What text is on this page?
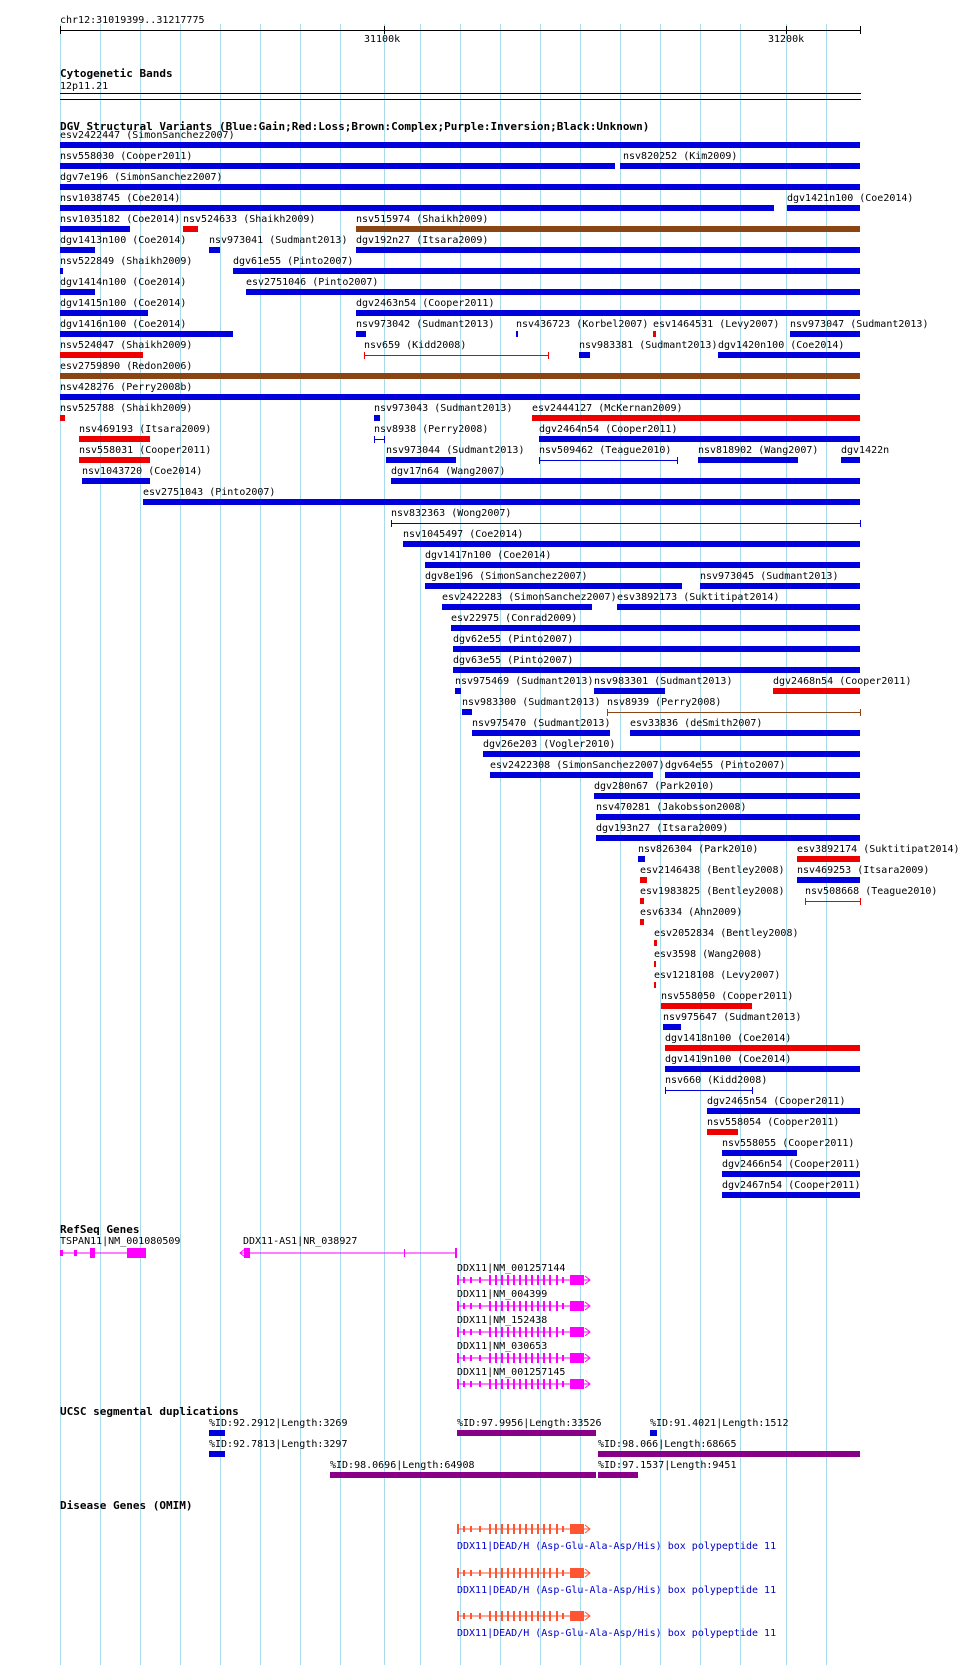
chr12:31019399..31217775
31100k	31200k
Cytogenetic Bands
12p11.21
DGV Structural Variants (Blue:Gain;Red:Loss;Brown:Complex;Purple:Inversion;Black:Unknown)
esv2422447 (SimonSanchez2007)
nsv558030 (Cooper2011)	nsv820252 (Kim2009)
dgv7e196 (SimonSanchez2007)
nsv1038745 (Coe2014)	dgv1421n100 (Coe2014)
nsv1035182 (Coe2014) nsv524633 (Shaikh2009)	nsv515974 (Shaikh2009)
dgv1413n100 (Coe2014) nsv973041 (Sudmant2013) dgv192n27 (Itsara2009)
nsv522849 (Shaikh2009)	dgv61e55 (Pinto2007)
dgv1414n100 (Coe2014)	esv2751046 (Pinto2007)
dgv1415n100 (Coe2014)	dgv2463n54 (Cooper2011)
dgv1416n100 (Coe2014)	nsv973042 (Sudmant2013) nsv436723 (Korbel2007) esv1464531 (Levy2007) nsv973047 (Sudmant2013)
nsv524047 (Shaikh2009)	nsv659 (Kidd2008)	nsv983381 (Sudmant2013) dgv1420n100 (Coe2014)
esv2759890 (Redon2006)
nsv428276 (Perry2008b)
nsv525788 (Shaikh2009)	nsv973043 (Sudmant2013) esv2444127 (McKernan2009)
nsv469193 (Itsara2009)	nsv8938 (Perry2008)	dgv2464n54 (Cooper2011)
nsv558031 (Cooper2011)	nsv973044 (Sudmant2013) nsv509462 (Teague2010)	nsv818902 (Wang2007) dgv1422n
nsv1043720 (Coe2014)	dgv17n64 (Wang2007)
esv2751043 (Pinto2007)
nsv832363 (Wong2007)
nsv1045497 (Coe2014)
dgv1417n100 (Coe2014)
dgv8e196 (SimonSanchez2007)	nsv973045 (Sudmant2013)
esv2422283 (SimonSanchez2007) esv3892173 (Suktitipat2014)
esv22975 (Conrad2009)
dgv62e55 (Pinto2007)
dgv63e55 (Pinto2007)
nsv975469 (Sudmant2013) nsv983301 (Sudmant2013)	dgv2468n54 (Cooper2011)
nsv983300 (Sudmant2013) nsv8939 (Perry2008)
nsv975470 (Sudmant2013) esv33836 (deSmith2007)
dgv26e203 (Vogler2010)
esv2422308 (SimonSanchez2007) dgv64e55 (Pinto2007)
dgv280n67 (Park2010)
nsv470281 (Jakobsson2008)
dgv193n27 (Itsara2009)
nsv826304 (Park2010)	esv3892174 (Suktitipat2014)
esv2146438 (Bentley2008) nsv469253 (Itsara2009)
esv1983825 (Bentley2008) nsv508668 (Teague2010)
esv6334 (Ahn2009)
esv2052834 (Bentley2008)
esv3598 (Wang2008)
esv1218108 (Levy2007)
nsv558050 (Cooper2011)
nsv975647 (Sudmant2013)
dgv1418n100 (Coe2014)
dgv1419n100 (Coe2014)
nsv660 (Kidd2008)
dgv2465n54 (Cooper2011)
nsv558054 (Cooper2011)
nsv558055 (Cooper2011)
dgv2466n54 (Cooper2011)
dgv2467n54 (Cooper2011)
RefSeq Genes
TSPAN11|NM_001080509	DDX11-AS1|NR_038927
DDX11|NM_001257144
DDX11|NM_004399
DDX11|NM_152438
DDX11|NM_030653
DDX11|NM_001257145
UCSC segmental duplications
%ID:92.2912|Length:3269	%ID:97.9956|Length:33526	%ID:91.4021|Length:1512
%ID:92.7813|Length:3297	%ID:98.066|Length:68665
%ID:98.0696|Length:64908	%ID:97.1537|Length:9451
Disease Genes (OMIM)
DDX11|DEAD/H (Asp-Glu-Ala-Asp/His) box polypeptide 11
DDX11|DEAD/H (Asp-Glu-Ala-Asp/His) box polypeptide 11
DDX11|DEAD/H (Asp-Glu-Ala-Asp/His) box polypeptide 11
